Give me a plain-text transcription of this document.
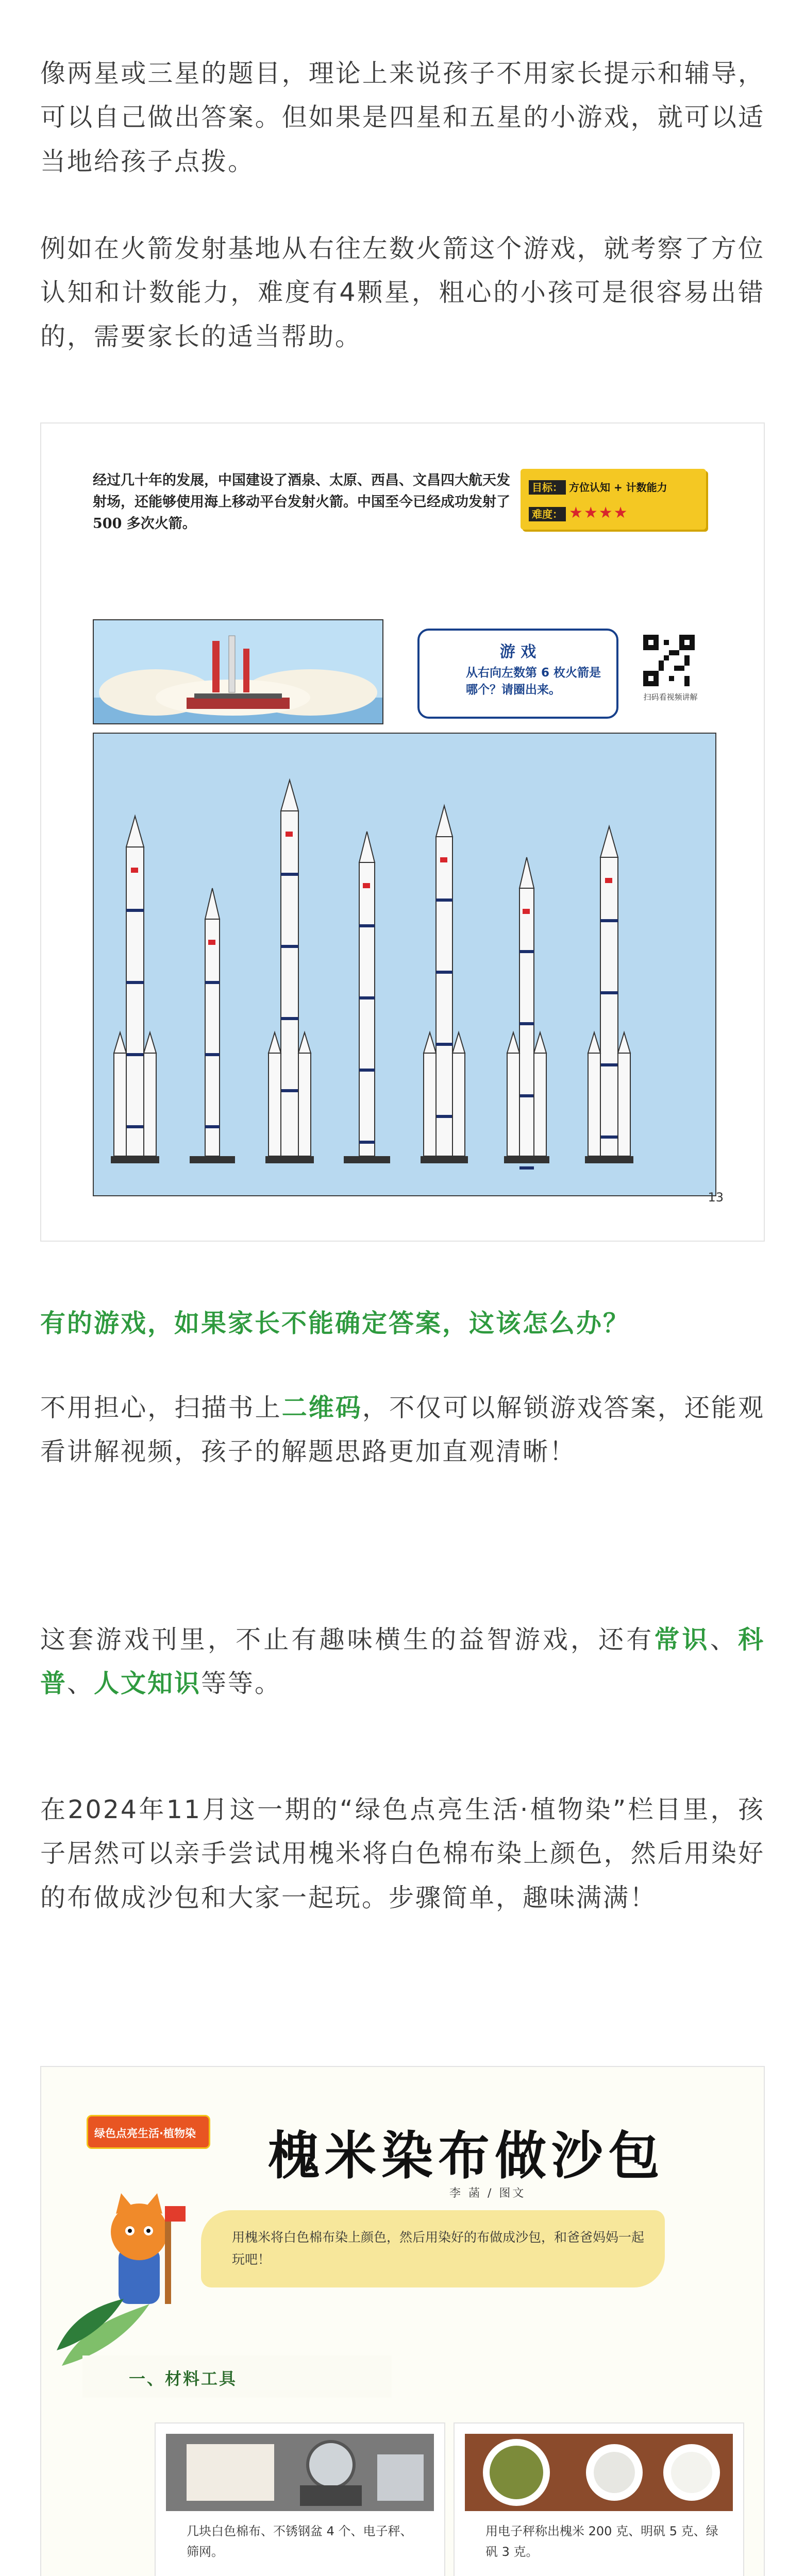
像两星或三星的题目，理论上来说孩子不用家长提示和辅导，可以自己做出答案。但如果是四星和五星的小游戏，就可以适当地给孩子点拨。

例如在火箭发射基地从右往左数火箭这个游戏，就考察了方位认知和计数能力，难度有4颗星，粗心的小孩可是很容易出错的，需要家长的适当帮助。

经过几十年的发展，中国建设了酒泉、太原、西昌、文昌四大航天发射场，还能够使用海上移动平台发射火箭。中国至今已经成功发射了 500 多次火箭。

目标： 方位认知 + 计数能力
难度： ★★★★
游 戏
从右向左数第 6 枚火箭是哪个？请圈出来。
扫码看视频讲解
13

有的游戏，如果家长不能确定答案，这该怎么办？

不用担心，扫描书上二维码，不仅可以解锁游戏答案，还能观看讲解视频，孩子的解题思路更加直观清晰！

这套游戏刊里，不止有趣味横生的益智游戏，还有常识、科普、人文知识等等。

在2024年11月这一期的“绿色点亮生活·植物染”栏目里，孩子居然可以亲手尝试用槐米将白色棉布染上颜色，然后用染好的布做成沙包和大家一起玩。步骤简单，趣味满满！

绿色点亮生活·植物染 槐米染布做沙包

李 菡 / 图文

用槐米将白色棉布染上颜色，然后用染好的布做成沙包，和爸爸妈妈一起玩吧！

一、材料工具

几块白色棉布、不锈钢盆 4 个、电子秤、筛网。

用电子秤称出槐米 200 克、明矾 5 克、绿矾 3 克。
